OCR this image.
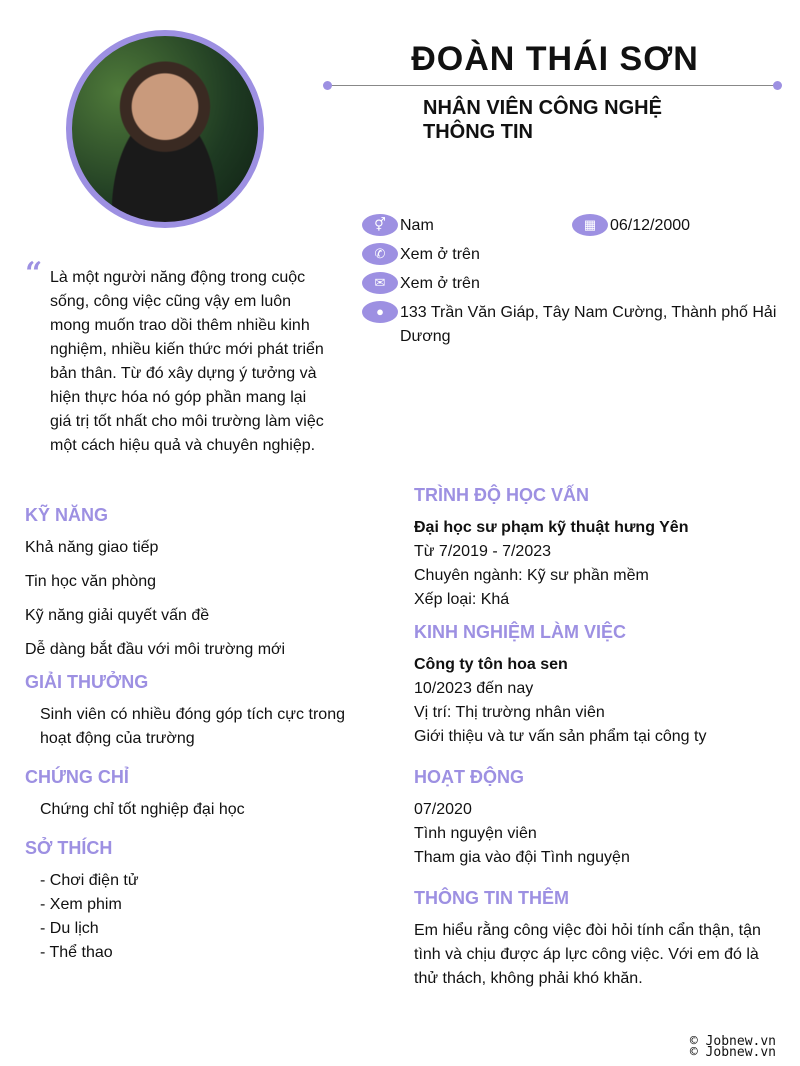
ĐOÀN THÁI SƠN
NHÂN VIÊN CÔNG NGHỆ
THÔNG TIN
⚥ Nam	▦ 06/12/2000
✆ Xem ở trên
✉ Xem ở trên
●	133 Trần Văn Giáp, Tây Nam Cường, Thành phố Hải Dương
“ Là một người năng động trong cuộc sống, công việc cũng vậy em luôn mong muốn trao dồi thêm nhiều kinh nghiệm, nhiều kiến thức mới phát triển bản thân. Từ đó xây dựng ý tưởng và hiện thực hóa nó góp phần mang lại giá trị tốt nhất cho môi trường làm việc một cách hiệu quả và chuyên nghiệp.
KỸ NĂNG
Khả năng giao tiếp
Tin học văn phòng
Kỹ năng giải quyết vấn đề
Dễ dàng bắt đầu với môi trường mới
GIẢI THƯỞNG
Sinh viên có nhiều đóng góp tích cực trong hoạt động của trường
CHỨNG CHỈ
Chứng chỉ tốt nghiệp đại học
SỞ THÍCH
- Chơi điện tử
- Xem phim
- Du lịch
- Thể thao
TRÌNH ĐỘ HỌC VẤN
Đại học sư phạm kỹ thuật hưng Yên
Từ 7/2019 - 7/2023
Chuyên ngành: Kỹ sư phần mềm
Xếp loại: Khá
KINH NGHIỆM LÀM VIỆC
Công ty tôn hoa sen
10/2023 đến nay
Vị trí: Thị trường nhân viên
Giới thiệu và tư vấn sản phẩm tại công ty
HOẠT ĐỘNG
07/2020
Tình nguyện viên
Tham gia vào đội Tình nguyện
THÔNG TIN THÊM
Em hiểu rằng công việc đòi hỏi tính cẩn thận, tận tình và chịu được áp lực công việc. Với em đó là thử thách, không phải khó khăn.
© Jobnew.vn
© Jobnew.vn
